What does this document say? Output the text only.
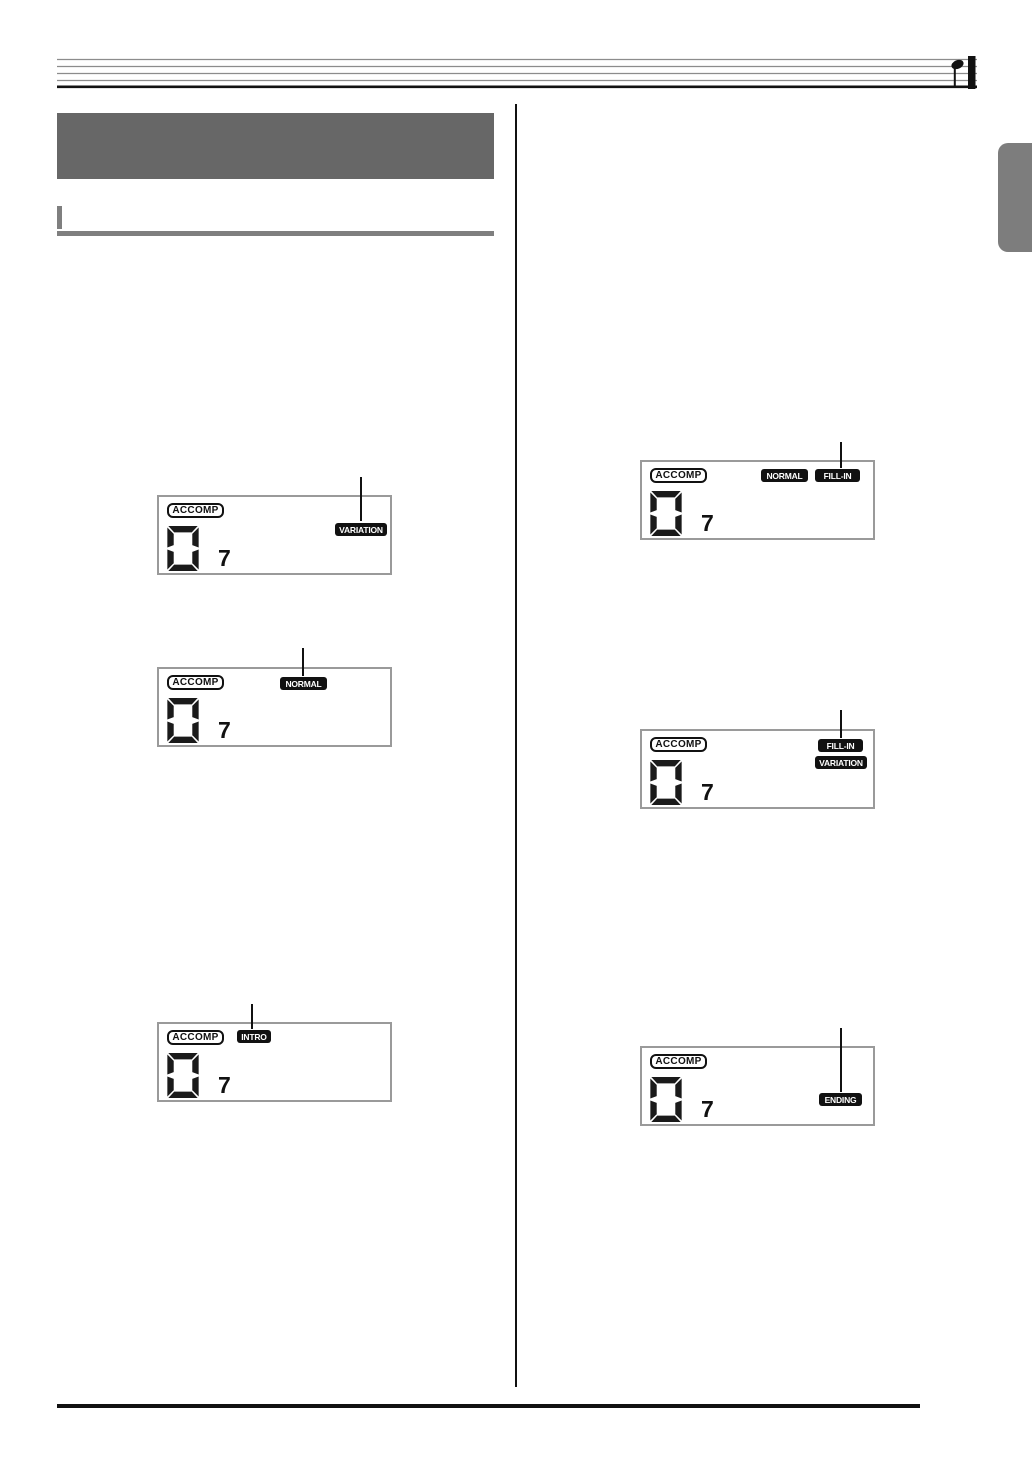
ACCOMP
VARIATION
7
ACCOMP	NORMAL
7
ACCOMP	INTRO
7
ACCOMP	NORMAL	FILL-IN
7
ACCOMP	FILL-IN
VARIATION
7
ACCOMP
ENDING
7
